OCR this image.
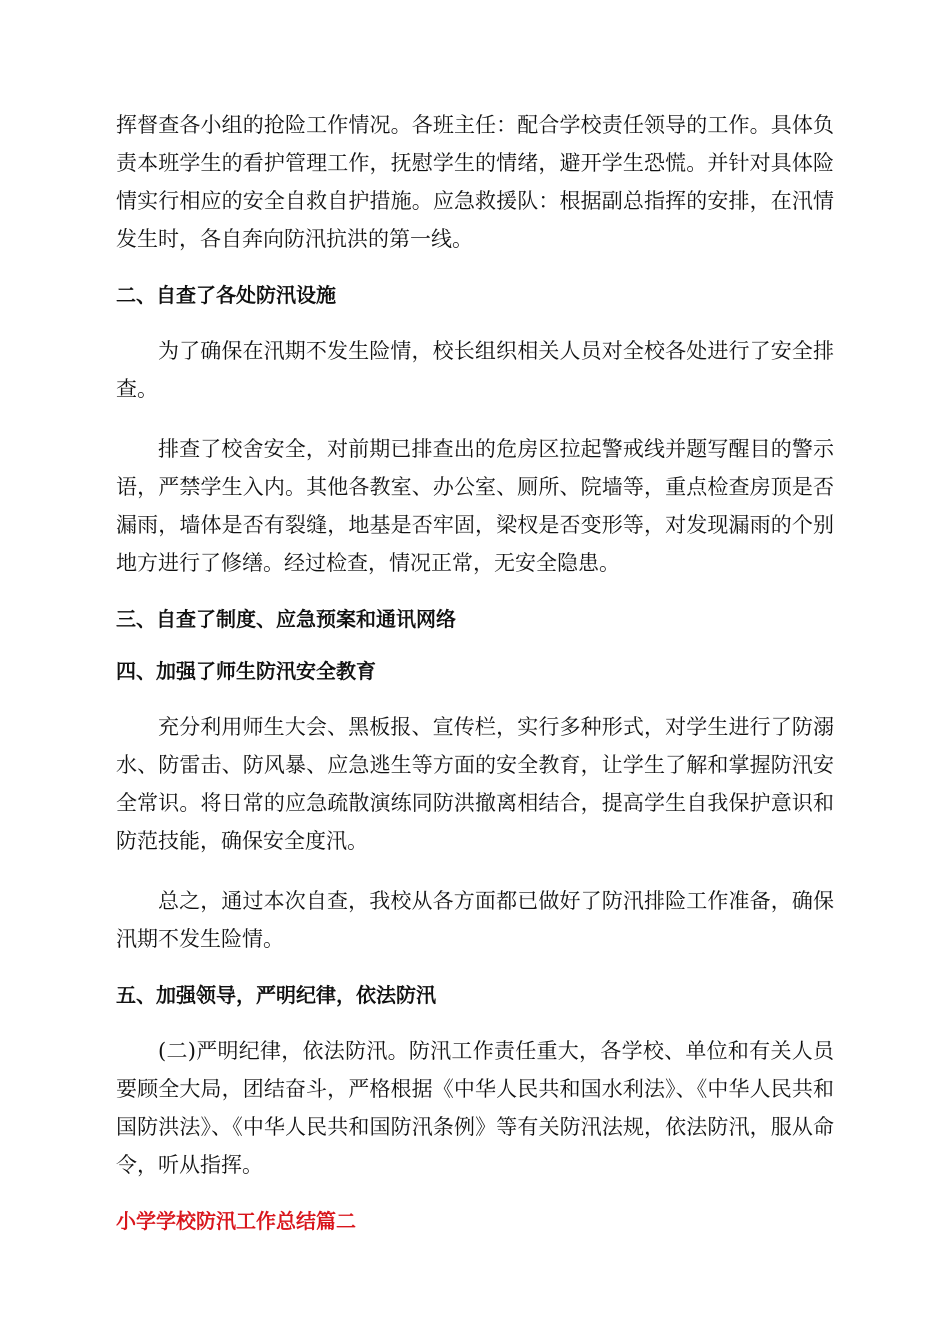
挥督查各小组的抢险工作情况。各班主任：配合学校责任领导的工作。具体负责本班学生的看护管理工作，抚慰学生的情绪，避开学生恐慌。并针对具体险情实行相应的安全自救自护措施。应急救援队：根据副总指挥的安排，在汛情发生时，各自奔向防汛抗洪的第一线。

二、自查了各处防汛设施

为了确保在汛期不发生险情，校长组织相关人员对全校各处进行了安全排查。

排查了校舍安全，对前期已排查出的危房区拉起警戒线并题写醒目的警示语，严禁学生入内。其他各教室、办公室、厕所、院墙等，重点检查房顶是否漏雨，墙体是否有裂缝，地基是否牢固，梁杈是否变形等，对发现漏雨的个别地方进行了修缮。经过检查，情况正常，无安全隐患。

三、自查了制度、应急预案和通讯网络
四、加强了师生防汛安全教育

充分利用师生大会、黑板报、宣传栏，实行多种形式，对学生进行了防溺水、防雷击、防风暴、应急逃生等方面的安全教育，让学生了解和掌握防汛安全常识。将日常的应急疏散演练同防洪撤离相结合，提高学生自我保护意识和防范技能，确保安全度汛。

总之，通过本次自查，我校从各方面都已做好了防汛排险工作准备，确保汛期不发生险情。

五、加强领导，严明纪律，依法防汛

(二)严明纪律，依法防汛。防汛工作责任重大，各学校、单位和有关人员要顾全大局，团结奋斗，严格根据《中华人民共和国水利法》、《中华人民共和国防洪法》、《中华人民共和国防汛条例》等有关防汛法规，依法防汛，服从命令，听从指挥。

小学学校防汛工作总结篇二
